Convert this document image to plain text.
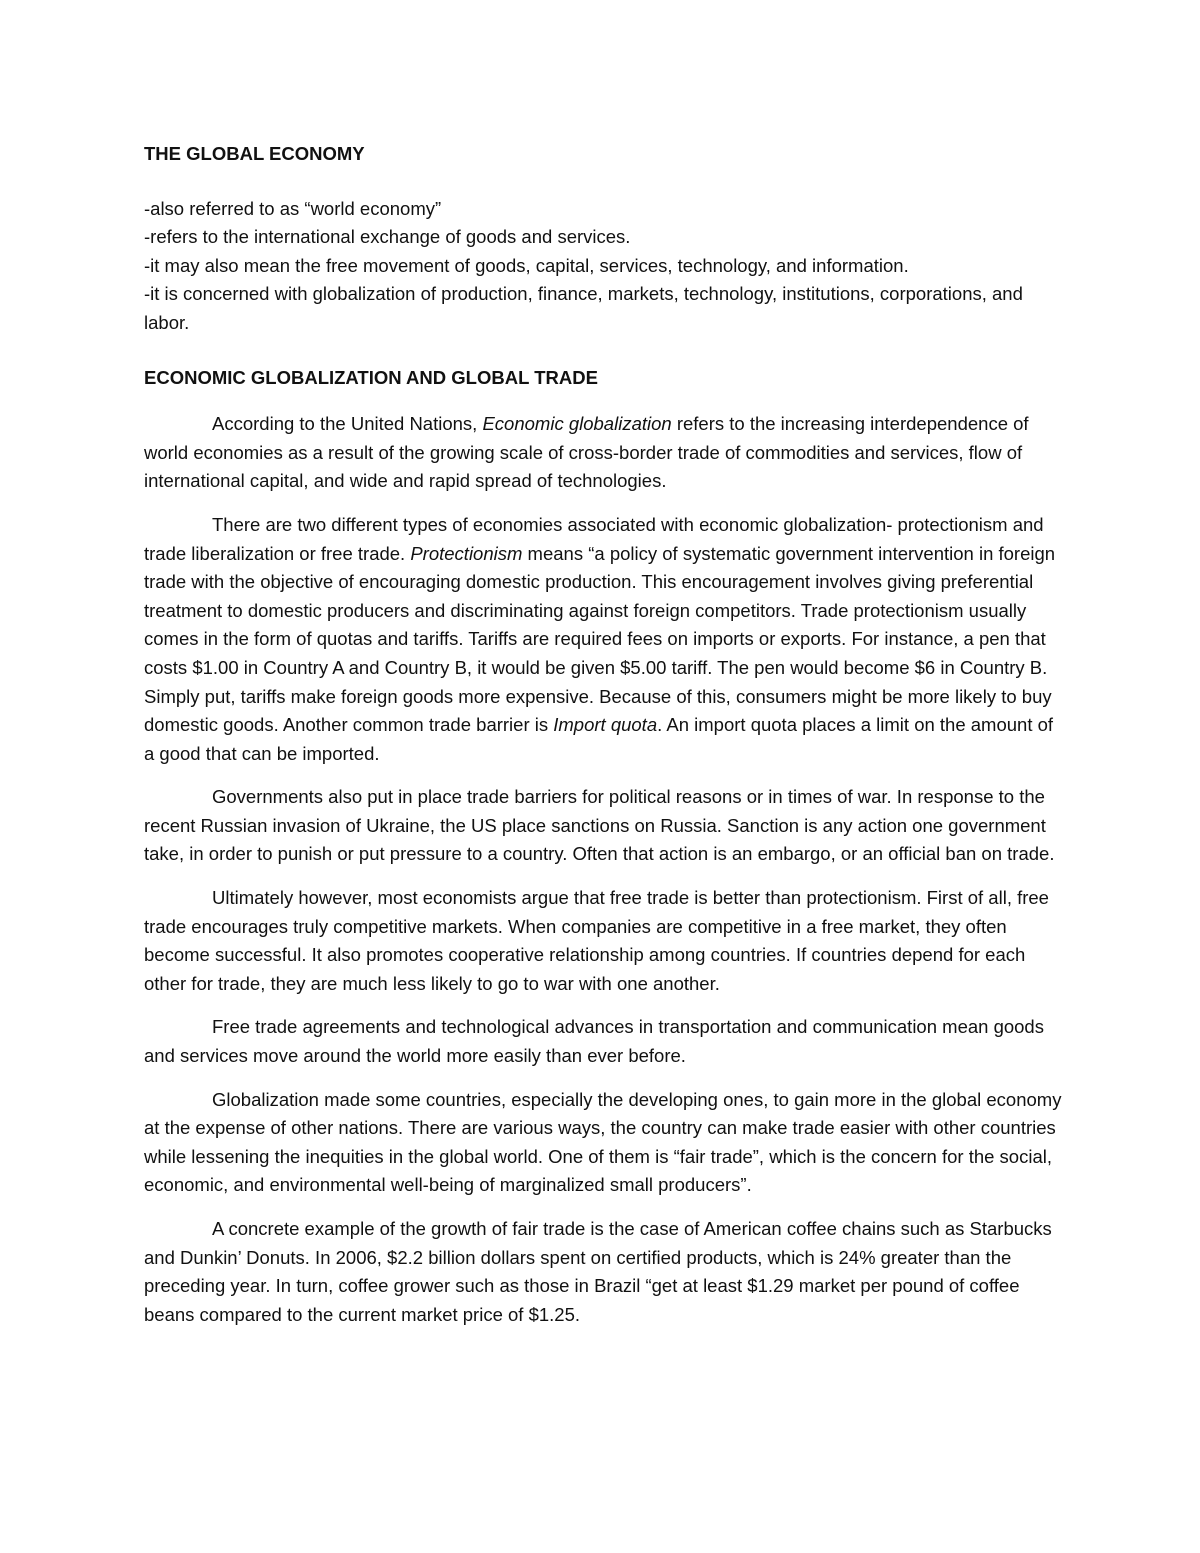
THE GLOBAL ECONOMY

-also referred to as “world economy”

-refers to the international exchange of goods and services.

-it may also mean the free movement of goods, capital, services, technology, and information.

-it is concerned with globalization of production, finance, markets, technology, institutions, corporations, and labor.

ECONOMIC GLOBALIZATION AND GLOBAL TRADE

According to the United Nations, Economic globalization refers to the increasing interdependence of world economies as a result of the growing scale of cross-border trade of commodities and services, flow of international capital, and wide and rapid spread of technologies.

There are two different types of economies associated with economic globalization- protectionism and trade liberalization or free trade. Protectionism means “a policy of systematic government intervention in foreign trade with the objective of encouraging domestic production. This encouragement involves giving preferential treatment to domestic producers and discriminating against foreign competitors. Trade protectionism usually comes in the form of quotas and tariffs. Tariffs are required fees on imports or exports. For instance, a pen that costs $1.00 in Country A and Country B, it would be given $5.00 tariff. The pen would become $6 in Country B. Simply put, tariffs make foreign goods more expensive. Because of this, consumers might be more likely to buy domestic goods. Another common trade barrier is Import quota. An import quota places a limit on the amount of a good that can be imported.

Governments also put in place trade barriers for political reasons or in times of war. In response to the recent Russian invasion of Ukraine, the US place sanctions on Russia. Sanction is any action one government take, in order to punish or put pressure to a country. Often that action is an embargo, or an official ban on trade.

Ultimately however, most economists argue that free trade is better than protectionism. First of all, free trade encourages truly competitive markets. When companies are competitive in a free market, they often become successful. It also promotes cooperative relationship among countries. If countries depend for each other for trade, they are much less likely to go to war with one another.

Free trade agreements and technological advances in transportation and communication mean goods and services move around the world more easily than ever before.

Globalization made some countries, especially the developing ones, to gain more in the global economy at the expense of other nations. There are various ways, the country can make trade easier with other countries while lessening the inequities in the global world. One of them is “fair trade”, which is the concern for the social, economic, and environmental well-being of marginalized small producers”.

A concrete example of the growth of fair trade is the case of American coffee chains such as Starbucks and Dunkin’ Donuts. In 2006, $2.2 billion dollars spent on certified products, which is 24% greater than the preceding year. In turn, coffee grower such as those in Brazil “get at least $1.29 market per pound of coffee beans compared to the current market price of $1.25.
